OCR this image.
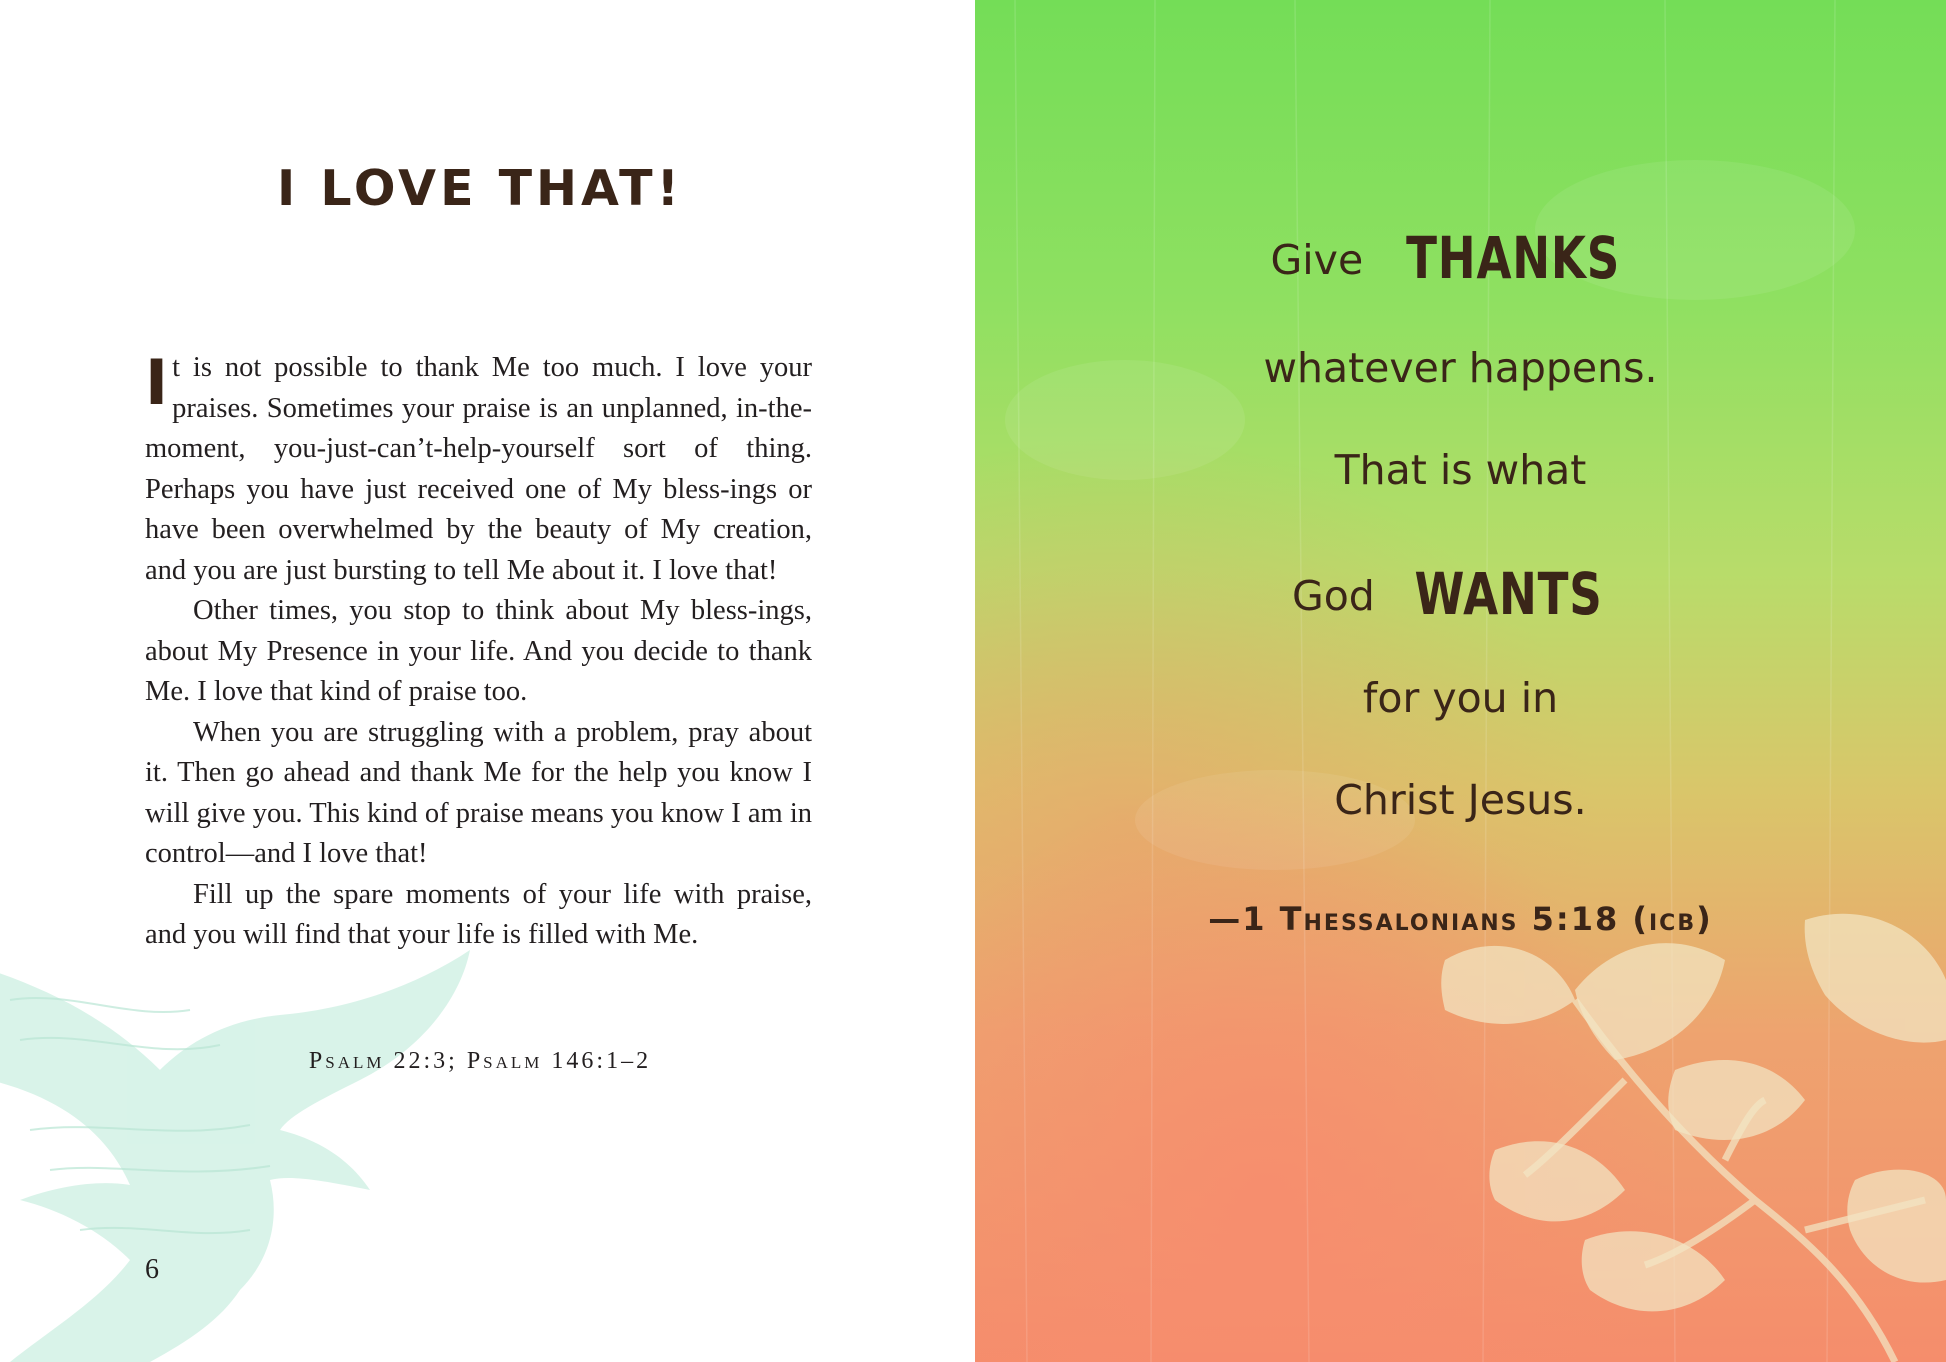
I LOVE THAT!

It is not possible to thank Me too much. I love your praises. Sometimes your praise is an unplanned, in-the-moment, you-just-can’t-help-yourself sort of thing. Perhaps you have just received one of My bless-ings or have been overwhelmed by the beauty of My creation, and you are just bursting to tell Me about it. I love that!

Other times, you stop to think about My bless-ings, about My Presence in your life. And you decide to thank Me. I love that kind of praise too.

When you are struggling with a problem, pray about it. Then go ahead and thank Me for the help you know I will give you. This kind of praise means you know I am in control—and I love that!

Fill up the spare moments of your life with praise, and you will find that your life is filled with Me.

Psalm 22:3; Psalm 146:1–2
6

Give THANKS

whatever happens.

That is what

God WANTS

for you in

Christ Jesus.

—1 Thessalonians 5:18 (icb)
